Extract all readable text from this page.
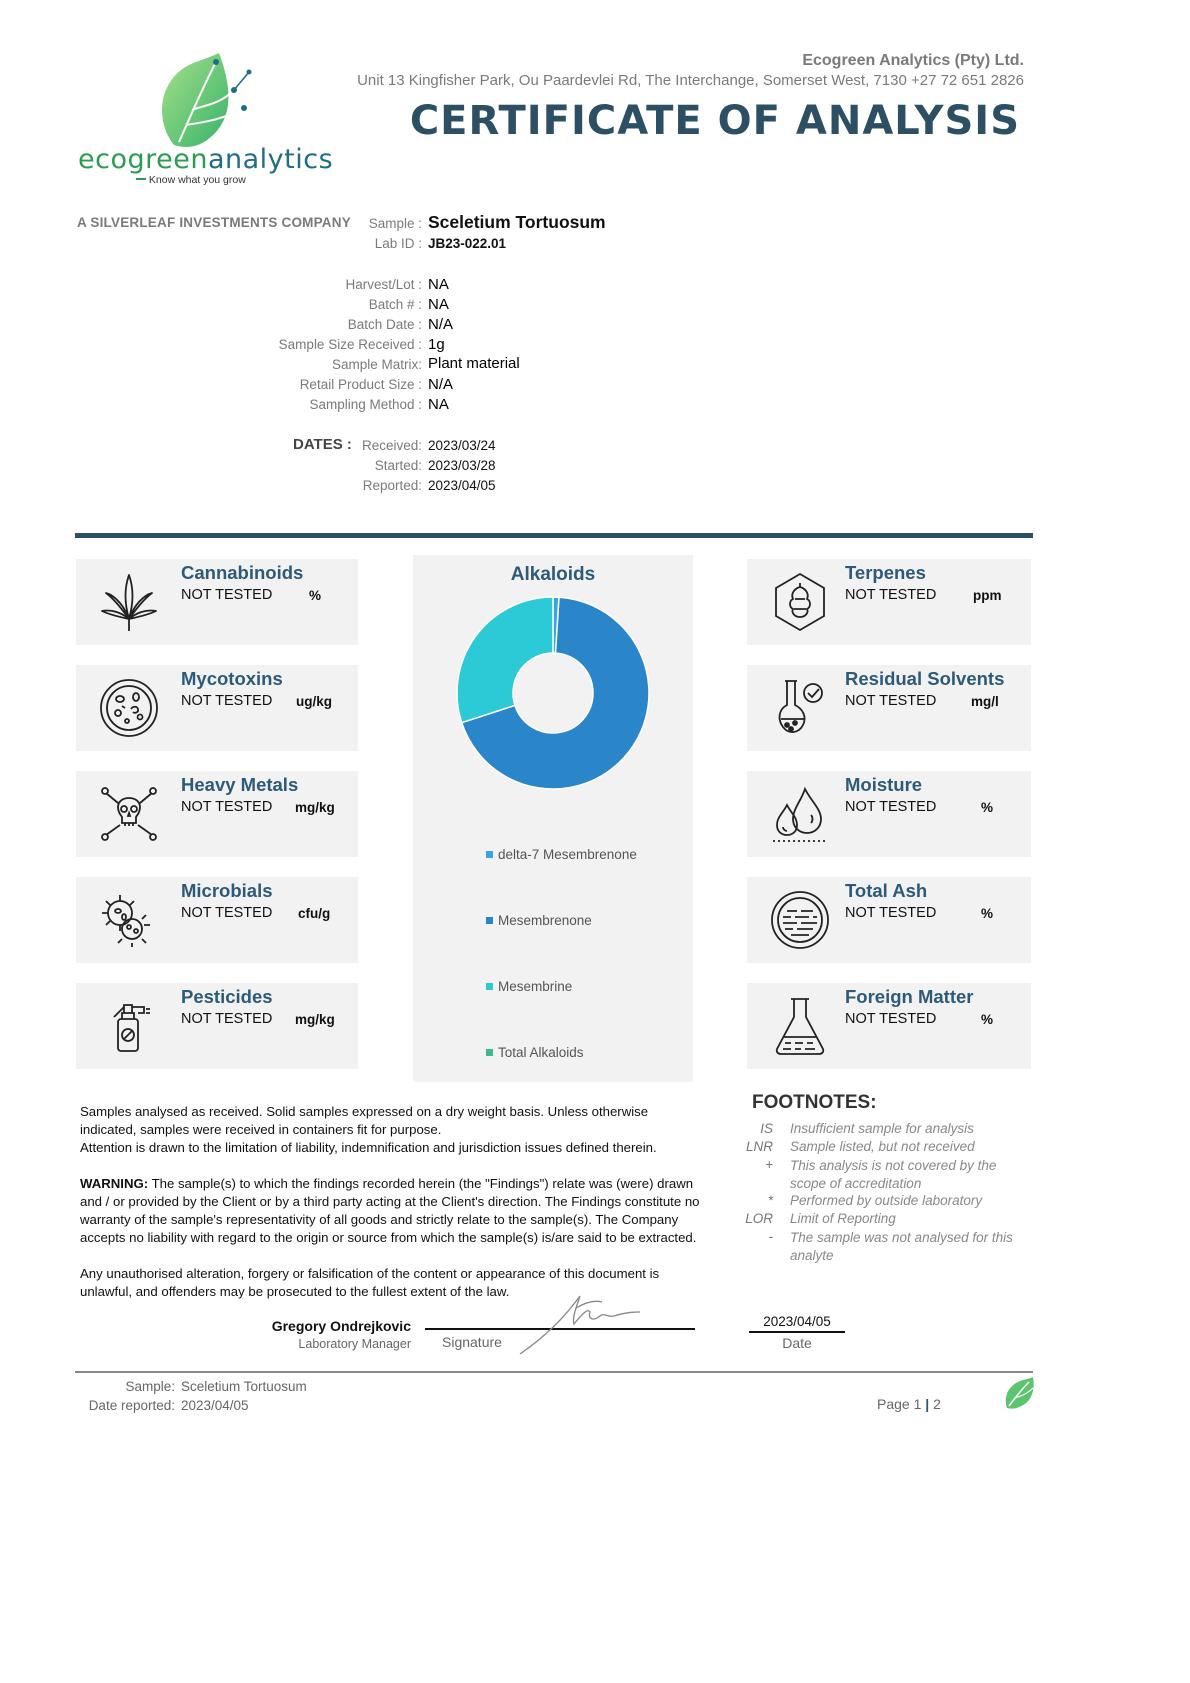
ecogreenanalytics
Know what you grow
Ecogreen Analytics (Pty) Ltd.
Unit 13 Kingfisher Park, Ou Paardevlei Rd, The Interchange, Somerset West, 7130 +27 72 651 2826
CERTIFICATE OF ANALYSIS
A SILVERLEAF INVESTMENTS COMPANY Sample : Sceletium Tortuosum
Lab ID : JB23-022.01
Harvest/Lot : NA
Batch # : NA
Batch Date : N/A
Sample Size Received : 1g
Sample Matrix: Plant material
Retail Product Size : N/A
Sampling Method : NA
DATES : Received: 2023/03/24
Started: 2023/03/28
Reported: 2023/04/05
Cannabinoids
NOT TESTED	%
Mycotoxins
NOT TESTED ug/kg
Heavy Metals
NOT TESTED mg/kg
Microbials
NOT TESTED cfu/g
Pesticides
NOT TESTED mg/kg
Alkaloids
delta-7 Mesembrenone
Mesembrenone
Mesembrine
Total Alkaloids
Terpenes
NOT TESTED	ppm
Residual Solvents
NOT TESTED	mg/l
Moisture
NOT TESTED	%
Total Ash
NOT TESTED	%
Foreign Matter
NOT TESTED	%
Samples analysed as received. Solid samples expressed on a dry weight basis. Unless otherwise indicated, samples were received in containers fit for purpose.
Attention is drawn to the limitation of liability, indemnification and jurisdiction issues defined therein.
WARNING: The sample(s) to which the findings recorded herein (the "Findings") relate was (were) drawn and / or provided by the Client or by a third party acting at the Client's direction. The Findings constitute no warranty of the sample's representativity of all goods and strictly relate to the sample(s). The Company accepts no liability with regard to the origin or source from which the sample(s) is/are said to be extracted.
Any unauthorised alteration, forgery or falsification of the content or appearance of this document is unlawful, and offenders may be prosecuted to the fullest extent of the law.
FOOTNOTES:
IS Insufficient sample for analysis
LNR Sample listed, but not received
+ This analysis is not covered by the scope of accreditation
* Performed by outside laboratory
LOR Limit of Reporting
- The sample was not analysed for this analyte
Gregory Ondrejkovic
Laboratory Manager Signature
2023/04/05
Date
Sample: Sceletium Tortuosum
Date reported: 2023/04/05	Page 1 | 2
